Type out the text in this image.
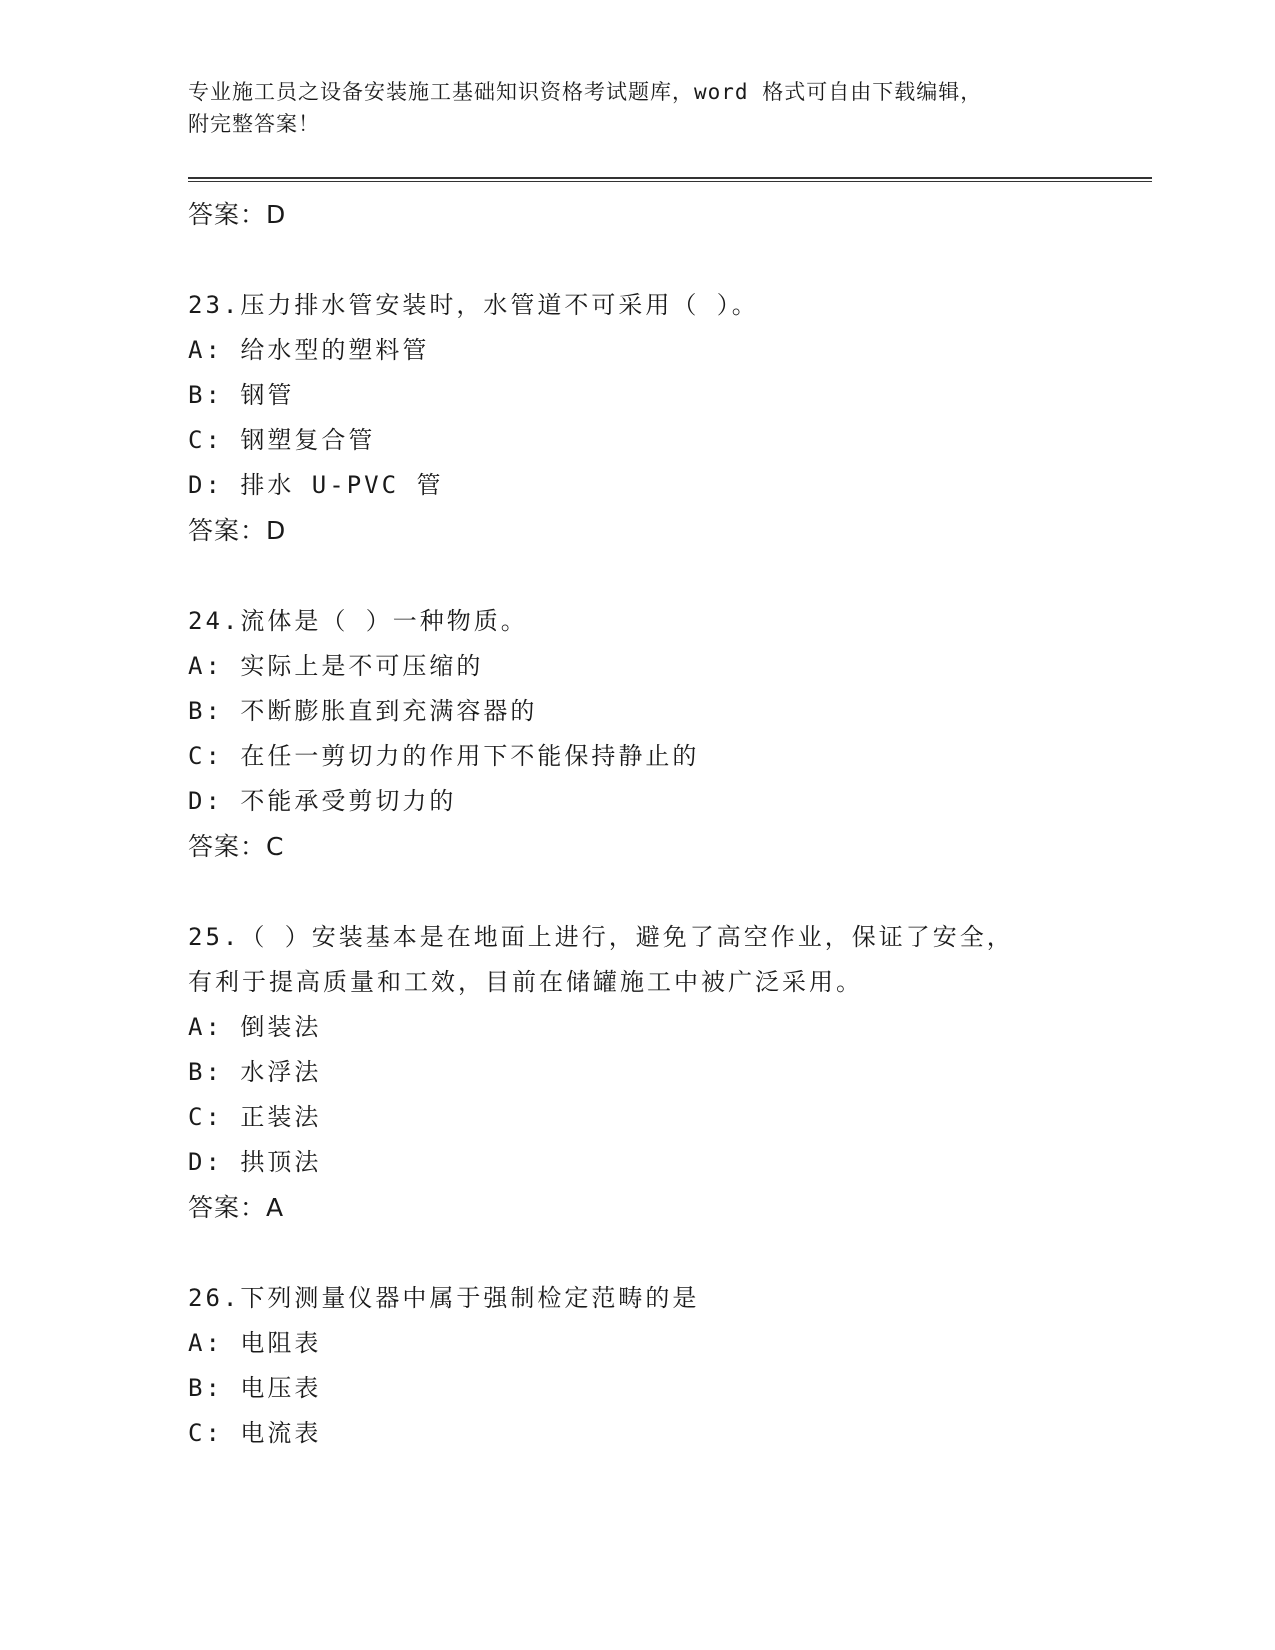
专业施工员之设备安装施工基础知识资格考试题库，word 格式可自由下载编辑，
附完整答案！
答案：D
23.压力排水管安装时，水管道不可采用（ ）。
A: 给水型的塑料管
B: 钢管
C: 钢塑复合管
D: 排水 U-PVC 管
答案：D
24.流体是（ ）一种物质。
A: 实际上是不可压缩的
B: 不断膨胀直到充满容器的
C: 在任一剪切力的作用下不能保持静止的
D: 不能承受剪切力的
答案：C
25.（ ）安装基本是在地面上进行，避免了高空作业，保证了安全，
有利于提高质量和工效，目前在储罐施工中被广泛采用。
A: 倒装法
B: 水浮法
C: 正装法
D: 拱顶法
答案：A
26.下列测量仪器中属于强制检定范畴的是
A: 电阻表
B: 电压表
C: 电流表
